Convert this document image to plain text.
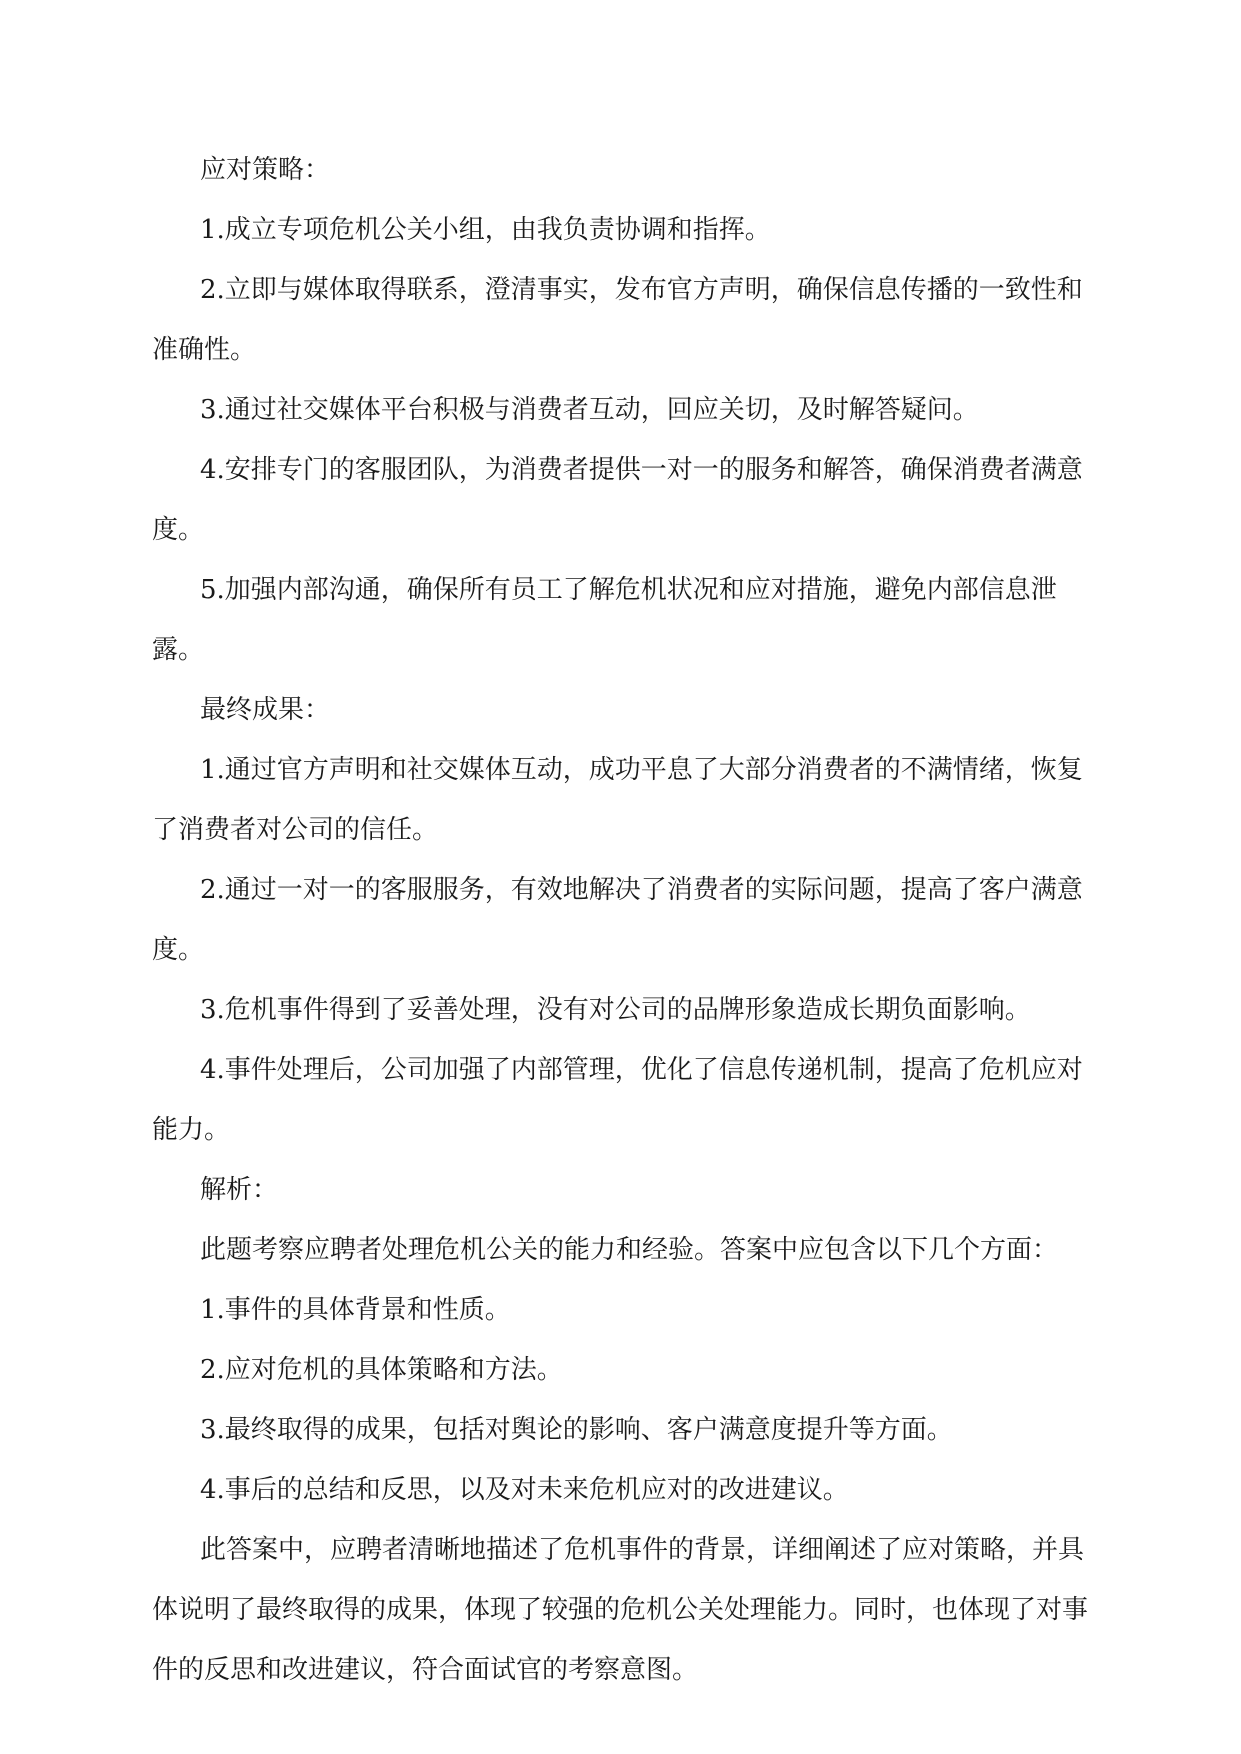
应对策略：

1.成立专项危机公关小组，由我负责协调和指挥。

2.立即与媒体取得联系，澄清事实，发布官方声明，确保信息传播的一致性和准确性。

3.通过社交媒体平台积极与消费者互动，回应关切，及时解答疑问。

4.安排专门的客服团队，为消费者提供一对一的服务和解答，确保消费者满意度。

5.加强内部沟通，确保所有员工了解危机状况和应对措施，避免内部信息泄露。

最终成果：

1.通过官方声明和社交媒体互动，成功平息了大部分消费者的不满情绪，恢复了消费者对公司的信任。

2.通过一对一的客服服务，有效地解决了消费者的实际问题，提高了客户满意度。

3.危机事件得到了妥善处理，没有对公司的品牌形象造成长期负面影响。

4.事件处理后，公司加强了内部管理，优化了信息传递机制，提高了危机应对能力。

解析：

此题考察应聘者处理危机公关的能力和经验。答案中应包含以下几个方面：

1.事件的具体背景和性质。

2.应对危机的具体策略和方法。

3.最终取得的成果，包括对舆论的影响、客户满意度提升等方面。

4.事后的总结和反思，以及对未来危机应对的改进建议。

此答案中，应聘者清晰地描述了危机事件的背景，详细阐述了应对策略，并具体说明了最终取得的成果，体现了较强的危机公关处理能力。同时，也体现了对事件的反思和改进建议，符合面试官的考察意图。
